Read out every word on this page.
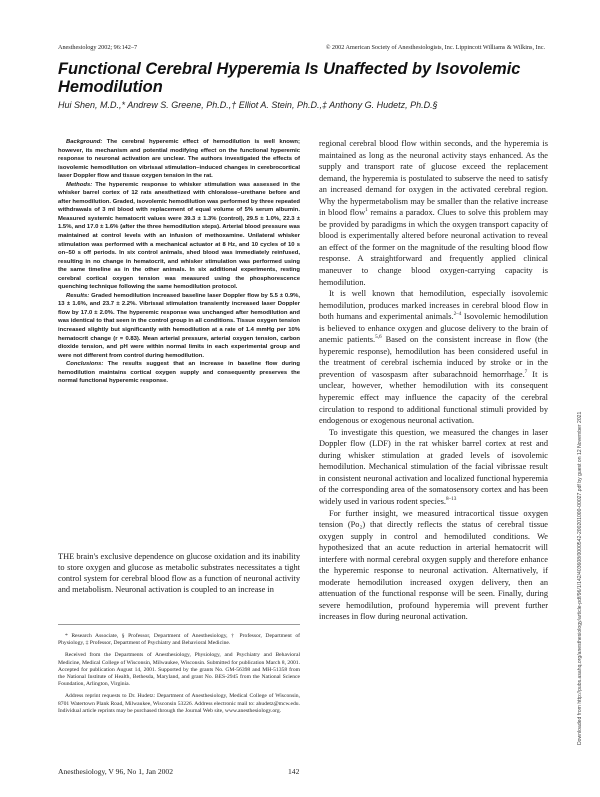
Anesthesiology 2002; 96:142–7	© 2002 American Society of Anesthesiologists, Inc. Lippincott Williams & Wilkins, Inc.
Functional Cerebral Hyperemia Is Unaffected by Isovolemic Hemodilution
Hui Shen, M.D.,* Andrew S. Greene, Ph.D.,† Elliot A. Stein, Ph.D.,‡ Anthony G. Hudetz, Ph.D.§

Background: The cerebral hyperemic effect of hemodilution is well known; however, its mechanism and potential modifying effect on the functional hyperemic response to neuronal activation are unclear. The authors investigated the effects of isovolemic hemodilution on vibrissal stimulation–induced changes in cerebrocortical laser Doppler flow and tissue oxygen tension in the rat.

Methods: The hyperemic response to whisker stimulation was assessed in the whisker barrel cortex of 12 rats anesthetized with chloralose–urethane before and after hemodilution. Graded, isovolemic hemodilution was performed by three repeated withdrawals of 3 ml blood with replacement of equal volume of 5% serum albumin. Measured systemic hematocrit values were 39.3 ± 1.3% (control), 29.5 ± 1.0%, 22.3 ± 1.5%, and 17.0 ± 1.6% (after the three hemodilution steps). Arterial blood pressure was maintained at control levels with an infusion of methoxamine. Unilateral whisker stimulation was performed with a mechanical actuator at 8 Hz, and 10 cycles of 10 s on–50 s off periods. In six control animals, shed blood was immediately reinfused, resulting in no change in hematocrit, and whisker stimulation was performed using the same timeline as in the other animals. In six additional experiments, resting cerebral cortical oxygen tension was measured using the phosphorescence quenching technique following the same hemodilution protocol.

Results: Graded hemodilution increased baseline laser Doppler flow by 5.5 ± 0.9%, 13 ± 1.6%, and 23.7 ± 2.2%. Vibrissal stimulation transiently increased laser Doppler flow by 17.0 ± 2.0%. The hyperemic response was unchanged after hemodilution and was identical to that seen in the control group in all conditions. Tissue oxygen tension increased slightly but significantly with hemodilution at a rate of 1.4 mmHg per 10% hematocrit change (r = 0.83). Mean arterial pressure, arterial oxygen tension, carbon dioxide tension, and pH were within normal limits in each experimental group and were not different from control during hemodilution.

Conclusions: The results suggest that an increase in baseline flow during hemodilution maintains cortical oxygen supply and consequently preserves the normal functional hyperemic response.

THE brain's exclusive dependence on glucose oxidation and its inability to store oxygen and glucose as metabolic substrates necessitates a tight control system for cerebral blood flow as a function of neuronal activity and metabolism. Neuronal activation is coupled to an increase in

* Research Associate, § Professor, Department of Anesthesiology, † Professor, Department of Physiology, ‡ Professor, Department of Psychiatry and Behavioral Medicine.

Received from the Departments of Anesthesiology, Physiology, and Psychiatry and Behavioral Medicine, Medical College of Wisconsin, Milwaukee, Wisconsin. Submitted for publication March 8, 2001. Accepted for publication August 14, 2001. Supported by the grants No. GM-56398 and MH-51358 from the National Institute of Health, Bethesda, Maryland, and grant No. BES-2945 from the National Science Foundation, Arlington, Virginia.

Address reprint requests to Dr. Hudetz: Department of Anesthesiology, Medical College of Wisconsin, 8701 Watertown Plank Road, Milwaukee, Wisconsin 53226. Address electronic mail to: ahudetz@mcw.edu. Individual article reprints may be purchased through the Journal Web site, www.anesthesiology.org.

regional cerebral blood flow within seconds, and the hyperemia is maintained as long as the neuronal activity stays enhanced. As the supply and transport rate of glucose exceed the replacement demand, the hyperemia is postulated to subserve the need to satisfy an increased demand for oxygen in the activated cerebral region. Why the hypermetabolism may be smaller than the relative increase in blood flow$^1$ remains a paradox. Clues to solve this problem may be provided by paradigms in which the oxygen transport capacity of blood is experimentally altered before neuronal activation to reveal an effect of the former on the magnitude of the resulting blood flow response. A straightforward and frequently applied clinical maneuver to change blood oxygen-carrying capacity is hemodilution.

It is well known that hemodilution, especially isovolemic hemodilution, produces marked increases in cerebral blood flow in both humans and experimental animals.$^{2-4}$ Isovolemic hemodilution is believed to enhance oxygen and glucose delivery to the brain of anemic patients.$^{5,6}$ Based on the consistent increase in flow (the hyperemic response), hemodilution has been considered useful in the treatment of cerebral ischemia induced by stroke or in the prevention of vasospasm after subarachnoid hemorrhage.$^7$ It is unclear, however, whether hemodilution with its consequent hyperemic effect may influence the capacity of the cerebral circulation to respond to additional functional stimuli provided by endogenous or exogenous neuronal activation.

To investigate this question, we measured the changes in laser Doppler flow (LDF) in the rat whisker barrel cortex at rest and during whisker stimulation at graded levels of isovolemic hemodilution. Mechanical stimulation of the facial vibrissae result in consistent neuronal activation and localized functional hyperemia of the corresponding area of the somatosensory cortex and has been widely used in various rodent species.$^{8-13}$

For further insight, we measured intracortical tissue oxygen tension (Po₂) that directly reflects the status of cerebral tissue oxygen supply in control and hemodiluted conditions. We hypothesized that an acute reduction in arterial hematocrit will interfere with normal cerebral oxygen supply and therefore enhance the hyperemic response to neuronal activation. Alternatively, if moderate hemodilution increased oxygen delivery, then an attenuation of the functional response will be seen. Finally, during severe hemodilution, profound hyperemia will prevent further increases in flow during neuronal activation.	Downloaded from http://pubs.asahq.org/anesthesiology/article-pdf/96/1/142/403608/0000542-200201000-00027.pdf by guest on 12 November 2021
Anesthesiology, V 96, No 1, Jan 2002	142
